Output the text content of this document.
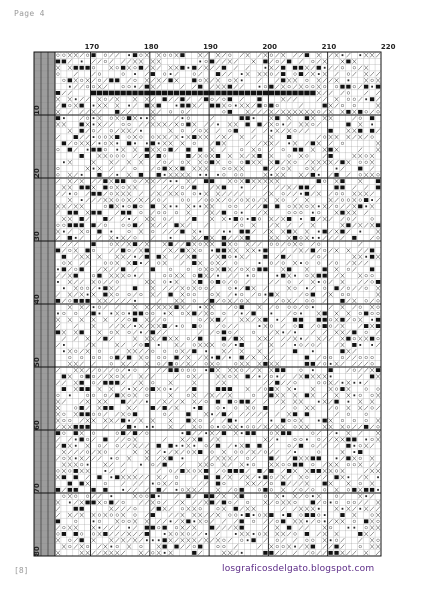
Page 4
170	180	190	200	210	220
10
20
30
40
50
60
70
80
[8]	losgraficosdelgato.blogspot.com
